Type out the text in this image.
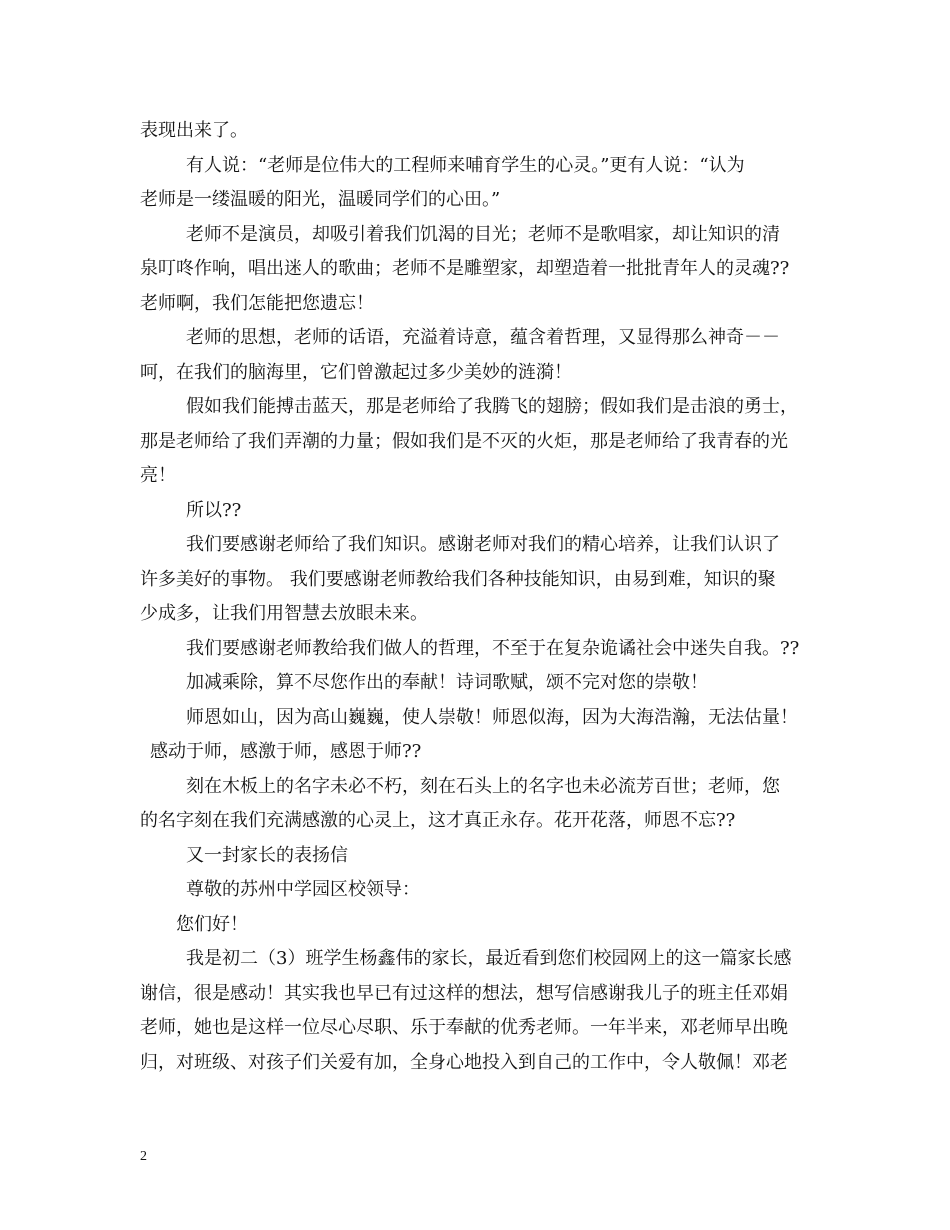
表现出来了。
有人说：“老师是位伟大的工程师来哺育学生的心灵。”更有人说：“认为
老师是一缕温暖的阳光，温暖同学们的心田。”
老师不是演员，却吸引着我们饥渴的目光；老师不是歌唱家，却让知识的清
泉叮咚作响，唱出迷人的歌曲；老师不是雕塑家，却塑造着一批批青年人的灵魂??
老师啊，我们怎能把您遗忘！
老师的思想，老师的话语，充溢着诗意，蕴含着哲理，又显得那么神奇－－
呵，在我们的脑海里，它们曾激起过多少美妙的涟漪！
假如我们能搏击蓝天，那是老师给了我腾飞的翅膀；假如我们是击浪的勇士，
那是老师给了我们弄潮的力量；假如我们是不灭的火炬，那是老师给了我青春的光
亮！
所以??
我们要感谢老师给了我们知识。感谢老师对我们的精心培养，让我们认识了
许多美好的事物。 我们要感谢老师教给我们各种技能知识，由易到难，知识的聚
少成多，让我们用智慧去放眼未来。
我们要感谢老师教给我们做人的哲理，不至于在复杂诡谲社会中迷失自我。??
加减乘除，算不尽您作出的奉献！诗词歌赋，颂不完对您的崇敬！
师恩如山，因为高山巍巍，使人崇敬！师恩似海，因为大海浩瀚，无法估量！
感动于师，感激于师，感恩于师??
刻在木板上的名字未必不朽，刻在石头上的名字也未必流芳百世；老师，您
的名字刻在我们充满感激的心灵上，这才真正永存。花开花落，师恩不忘??
又一封家长的表扬信
尊敬的苏州中学园区校领导：
您们好！
我是初二（3）班学生杨鑫伟的家长，最近看到您们校园网上的这一篇家长感
谢信，很是感动！其实我也早已有过这样的想法，想写信感谢我儿子的班主任邓娟
老师，她也是这样一位尽心尽职、乐于奉献的优秀老师。一年半来，邓老师早出晚
归，对班级、对孩子们关爱有加，全身心地投入到自己的工作中，令人敬佩！邓老
2
